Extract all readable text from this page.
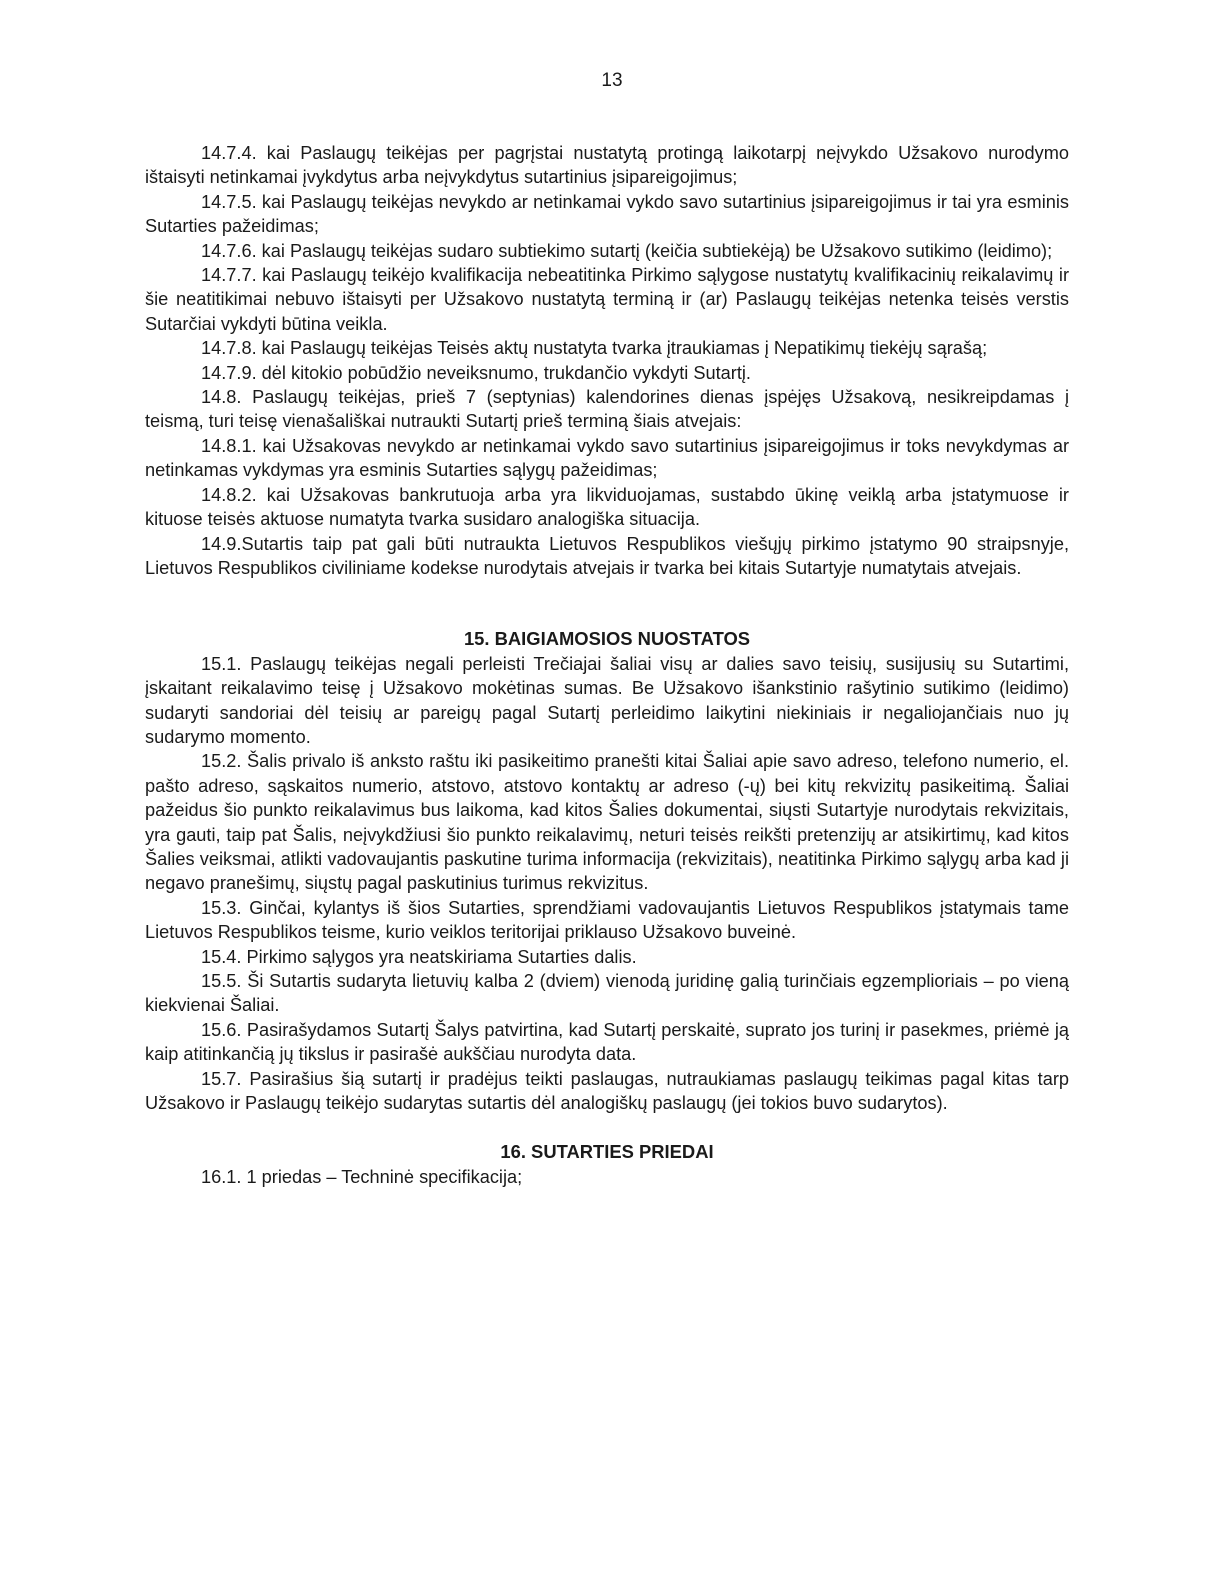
13

14.7.4. kai Paslaugų teikėjas per pagrįstai nustatytą protingą laikotarpį neįvykdo Užsakovo nurodymo ištaisyti netinkamai įvykdytus arba neįvykdytus sutartinius įsipareigojimus;

14.7.5. kai Paslaugų teikėjas nevykdo ar netinkamai vykdo savo sutartinius įsipareigojimus ir tai yra esminis Sutarties pažeidimas;

14.7.6. kai Paslaugų teikėjas sudaro subtiekimo sutartį (keičia subtiekėją) be Užsakovo sutikimo (leidimo);

14.7.7. kai Paslaugų teikėjo kvalifikacija nebeatitinka Pirkimo sąlygose nustatytų kvalifikacinių reikalavimų ir šie neatitikimai nebuvo ištaisyti per Užsakovo nustatytą terminą ir (ar) Paslaugų teikėjas netenka teisės verstis Sutarčiai vykdyti būtina veikla.

14.7.8. kai Paslaugų teikėjas Teisės aktų nustatyta tvarka įtraukiamas į Nepatikimų tiekėjų sąrašą;

14.7.9. dėl kitokio pobūdžio neveiksnumo, trukdančio vykdyti Sutartį.

14.8. Paslaugų teikėjas, prieš 7 (septynias) kalendorines dienas įspėjęs Užsakovą, nesikreipdamas į teismą, turi teisę vienašališkai nutraukti Sutartį prieš terminą šiais atvejais:

14.8.1. kai Užsakovas nevykdo ar netinkamai vykdo savo sutartinius įsipareigojimus ir toks nevykdymas ar netinkamas vykdymas yra esminis Sutarties sąlygų pažeidimas;

14.8.2. kai Užsakovas bankrutuoja arba yra likviduojamas, sustabdo ūkinę veiklą arba įstatymuose ir kituose teisės aktuose numatyta tvarka susidaro analogiška situacija.

14.9.Sutartis taip pat gali būti nutraukta Lietuvos Respublikos viešųjų pirkimo įstatymo 90 straipsnyje, Lietuvos Respublikos civiliniame kodekse nurodytais atvejais ir tvarka bei kitais Sutartyje numatytais atvejais.

15. BAIGIAMOSIOS NUOSTATOS

15.1. Paslaugų teikėjas negali perleisti Trečiajai šaliai visų ar dalies savo teisių, susijusių su Sutartimi, įskaitant reikalavimo teisę į Užsakovo mokėtinas sumas. Be Užsakovo išankstinio rašytinio sutikimo (leidimo) sudaryti sandoriai dėl teisių ar pareigų pagal Sutartį perleidimo laikytini niekiniais ir negaliojančiais nuo jų sudarymo momento.

15.2. Šalis privalo iš anksto raštu iki pasikeitimo pranešti kitai Šaliai apie savo adreso, telefono numerio, el. pašto adreso, sąskaitos numerio, atstovo, atstovo kontaktų ar adreso (-ų) bei kitų rekvizitų pasikeitimą. Šaliai pažeidus šio punkto reikalavimus bus laikoma, kad kitos Šalies dokumentai, siųsti Sutartyje nurodytais rekvizitais, yra gauti, taip pat Šalis, neįvykdžiusi šio punkto reikalavimų, neturi teisės reikšti pretenzijų ar atsikirtimų, kad kitos Šalies veiksmai, atlikti vadovaujantis paskutine turima informacija (rekvizitais), neatitinka Pirkimo sąlygų arba kad ji negavo pranešimų, siųstų pagal paskutinius turimus rekvizitus.

15.3. Ginčai, kylantys iš šios Sutarties, sprendžiami vadovaujantis Lietuvos Respublikos įstatymais tame Lietuvos Respublikos teisme, kurio veiklos teritorijai priklauso Užsakovo buveinė.

15.4. Pirkimo sąlygos yra neatskiriama Sutarties dalis.

15.5. Ši Sutartis sudaryta lietuvių kalba 2 (dviem) vienodą juridinę galią turinčiais egzemplioriais – po vieną kiekvienai Šaliai.

15.6. Pasirašydamos Sutartį Šalys patvirtina, kad Sutartį perskaitė, suprato jos turinį ir pasekmes, priėmė ją kaip atitinkančią jų tikslus ir pasirašė aukščiau nurodyta data.

15.7. Pasirašius šią sutartį ir pradėjus teikti paslaugas, nutraukiamas paslaugų teikimas pagal kitas tarp Užsakovo ir Paslaugų teikėjo sudarytas sutartis dėl analogiškų paslaugų (jei tokios buvo sudarytos).

16. SUTARTIES PRIEDAI

16.1. 1 priedas – Techninė specifikacija;
